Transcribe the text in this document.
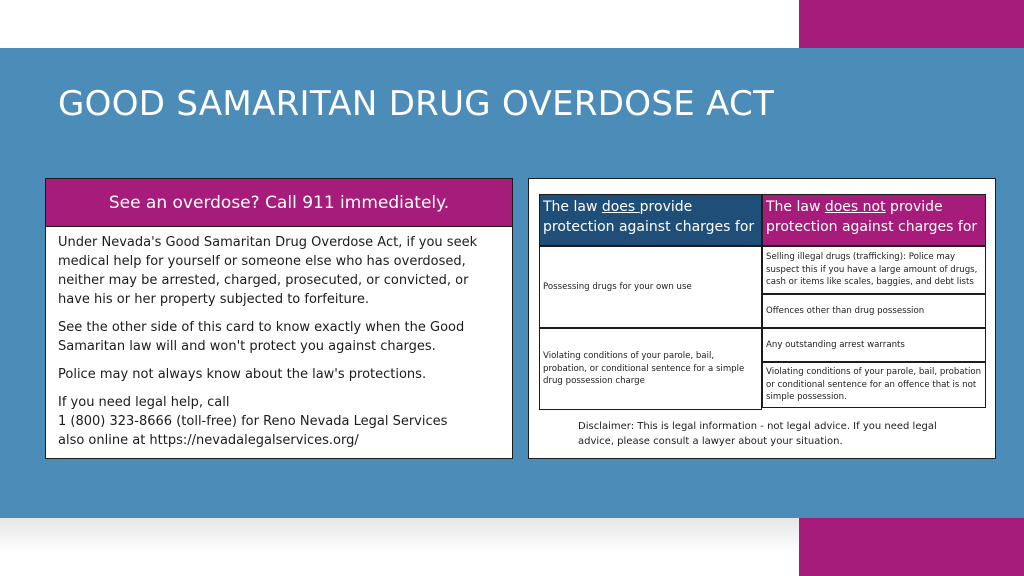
GOOD SAMARITAN DRUG OVERDOSE ACT
See an overdose? Call 911 immediately.

Under Nevada's Good Samaritan Drug Overdose Act, if you seek medical help for yourself or someone else who has overdosed, neither may be arrested, charged, prosecuted, or convicted, or have his or her property subjected to forfeiture.

See the other side of this card to know exactly when the Good Samaritan law will and won't protect you against charges.

Police may not always know about the law's protections.

If you need legal help, call
1 (800) 323-8666 (toll-free) for Reno Nevada Legal Services
also online at https://nevadalegalservices.org/

The law does provide protection against charges for
The law does not provide protection against charges for
Possessing drugs for your own use
Violating conditions of your parole, bail, probation, or conditional sentence for a simple drug possession charge
Selling illegal drugs (trafficking): Police may suspect this if you have a large amount of drugs, cash or items like scales, baggies, and debt lists
Offences other than drug possession
Any outstanding arrest warrants
Violating conditions of your parole, bail, probation or conditional sentence for an offence that is not simple possession.
Disclaimer: This is legal information - not legal advice. If you need legal advice, please consult a lawyer about your situation.
